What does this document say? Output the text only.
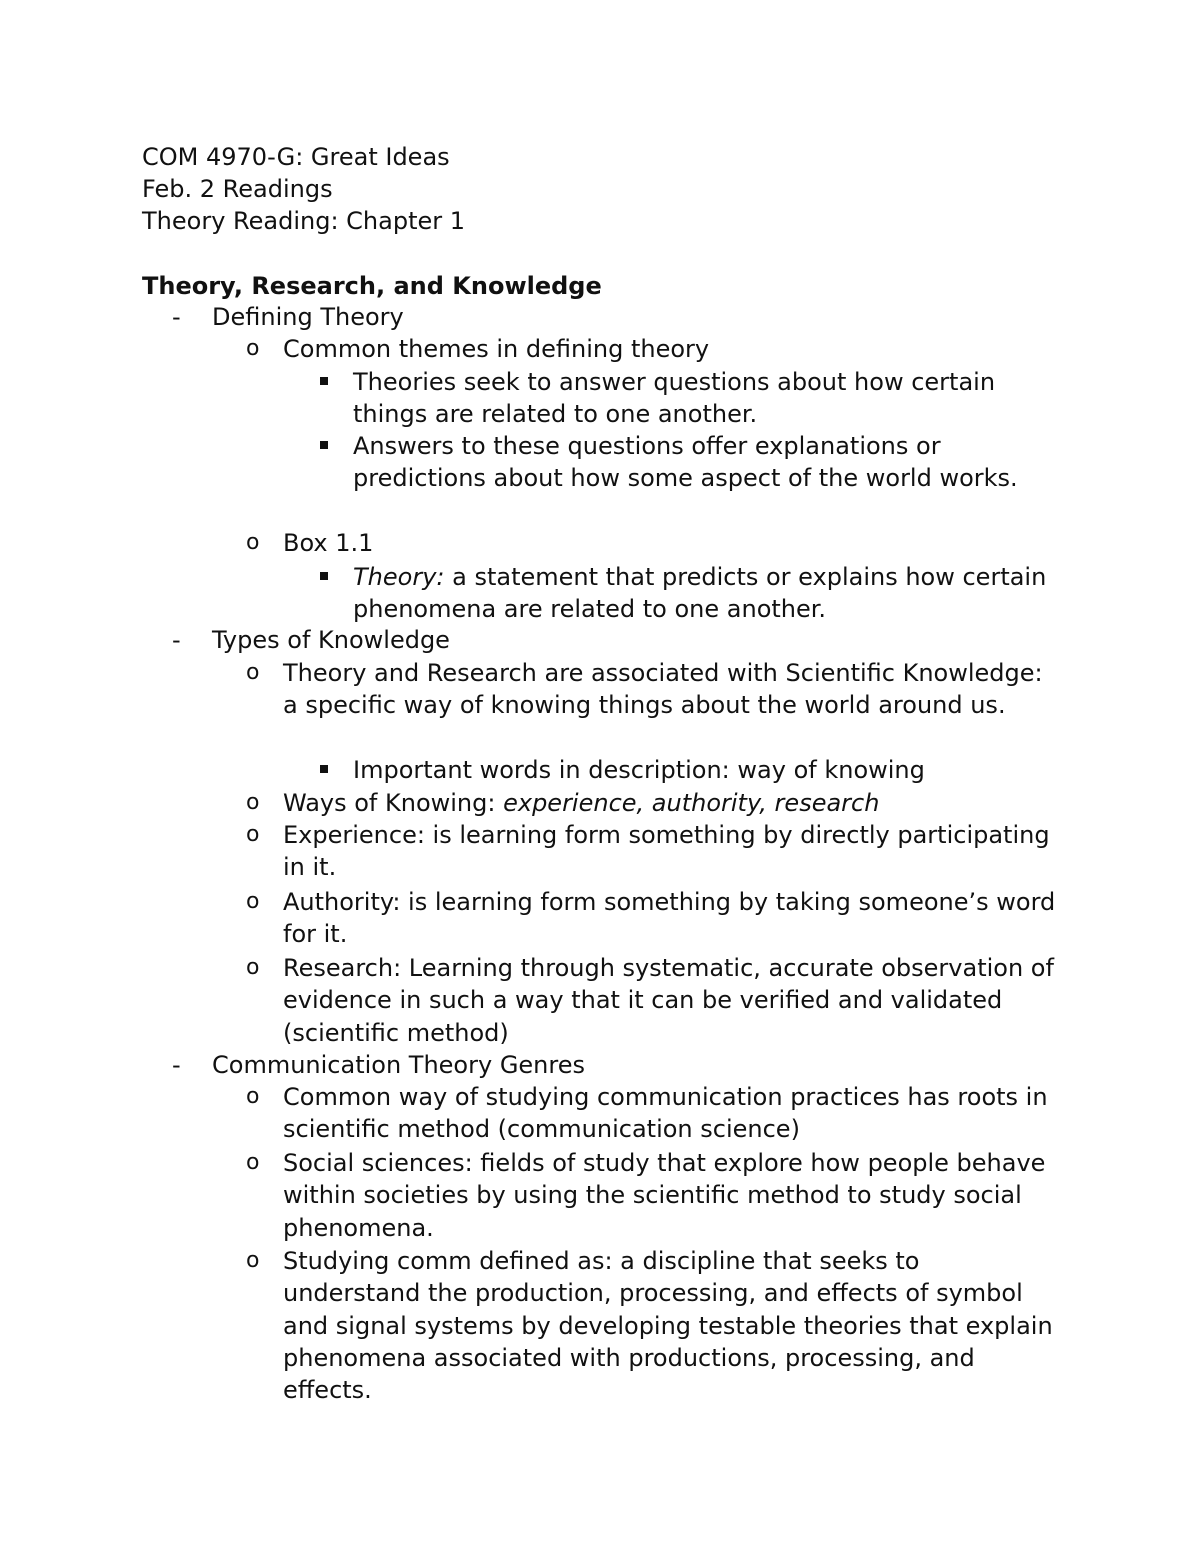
COM 4970-G: Great Ideas
Feb. 2 Readings
Theory Reading: Chapter 1
Theory, Research, and Knowledge
- Defining Theory
o Common themes in defining theory
Theories seek to answer questions about how certain things are related to one another.
Answers to these questions offer explanations or predictions about how some aspect of the world works.
o Box 1.1
Theory: a statement that predicts or explains how certain phenomena are related to one another.
- Types of Knowledge
o Theory and Research are associated with Scientific Knowledge: a specific way of knowing things about the world around us.
Important words in description: way of knowing
o Ways of Knowing: experience, authority, research
o Experience: is learning form something by directly participating in it.
o Authority: is learning form something by taking someone’s word for it.
o Research: Learning through systematic, accurate observation of evidence in such a way that it can be verified and validated (scientific method)
- Communication Theory Genres
o Common way of studying communication practices has roots in scientific method (communication science)
o Social sciences: fields of study that explore how people behave within societies by using the scientific method to study social phenomena.
o Studying comm defined as: a discipline that seeks to understand the production, processing, and effects of symbol and signal systems by developing testable theories that explain phenomena associated with productions, processing, and effects.
